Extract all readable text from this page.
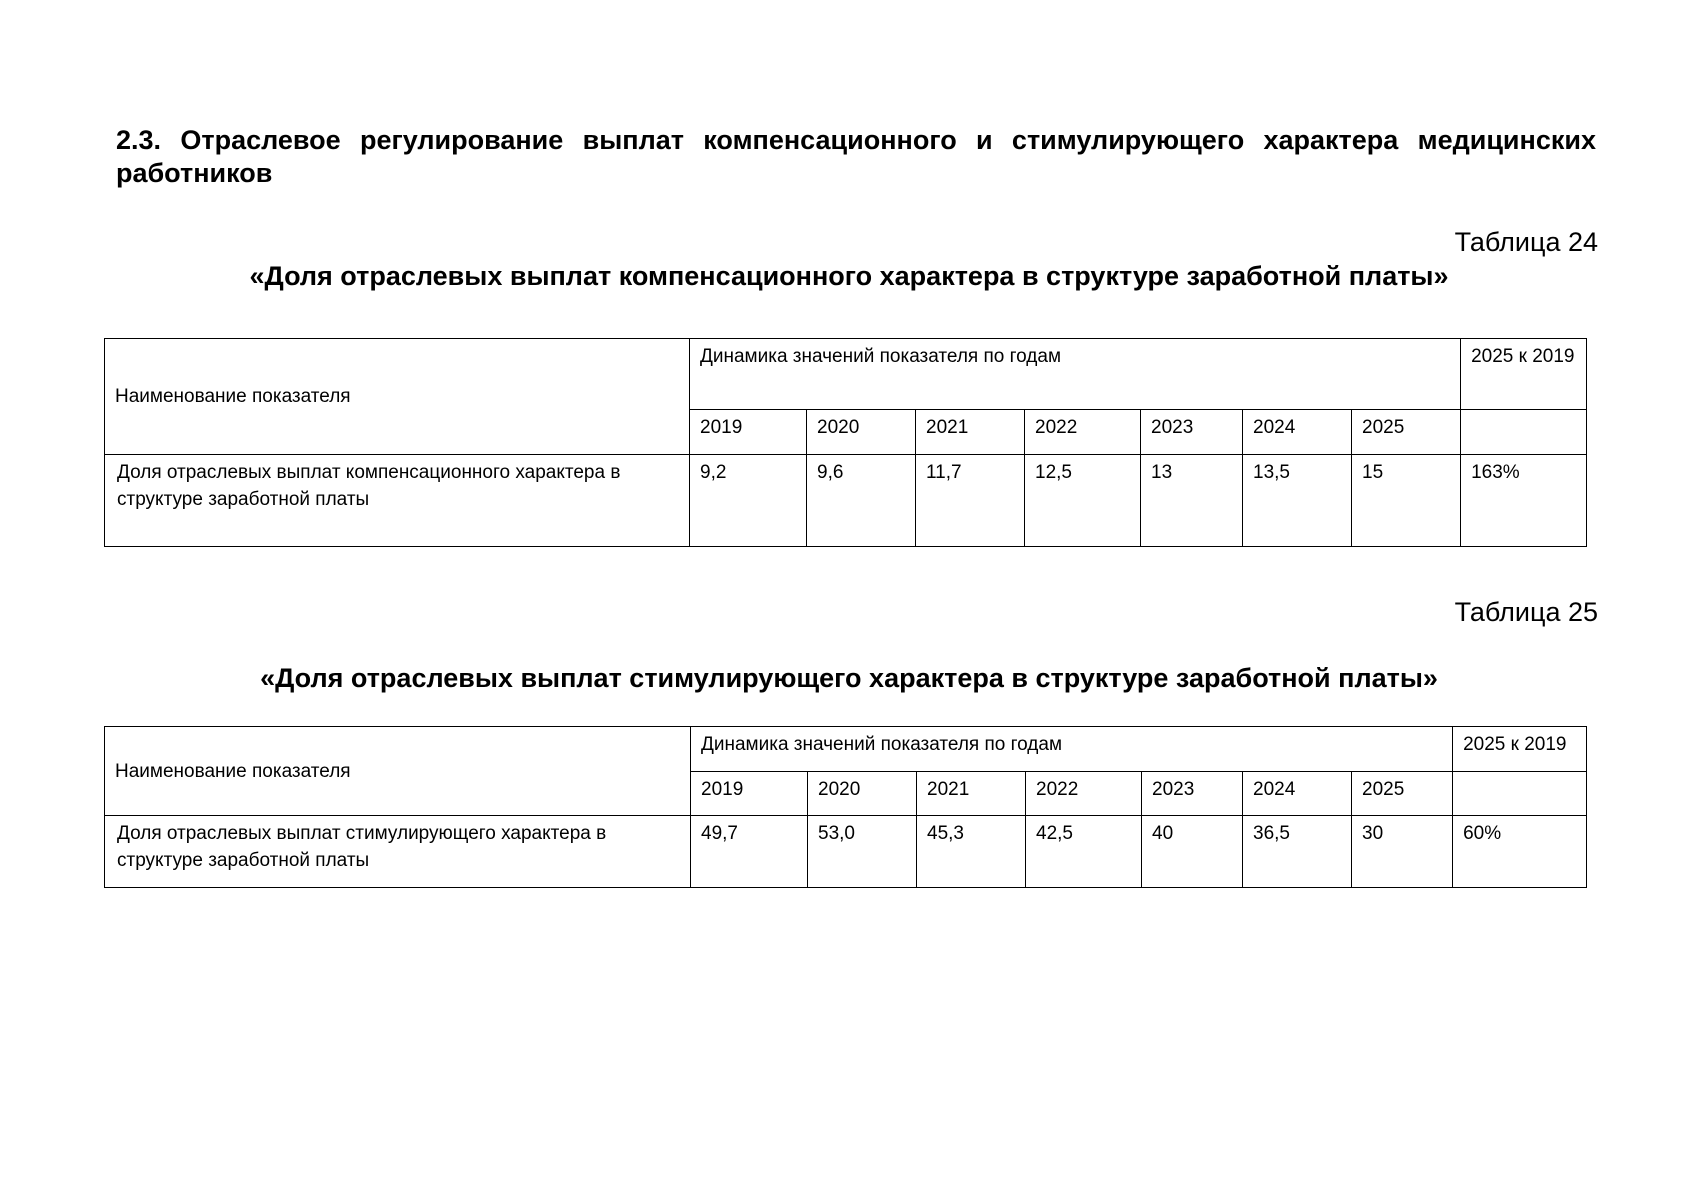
2.3. Отраслевое регулирование выплат компенсационного и стимулирующего характера медицинских работников
Таблица 24

«Доля отраслевых выплат компенсационного характера в структуре заработной платы»

Наименование показателя	Динамика значений показателя по годам							2025 к 2019
	2019	2020	2021	2022	2023	2024	2025	

Доля отраслевых выплат компенсационного характера в структуре заработной платы	9,2	9,6	11,7	12,5	13	13,5	15	163%
Таблица 25

«Доля отраслевых выплат стимулирующего характера в структуре заработной платы»

Наименование показателя	Динамика значений показателя по годам							2025 к 2019
	2019	2020	2021	2022	2023	2024	2025	

Доля отраслевых выплат стимулирующего характера в структуре заработной платы	49,7	53,0	45,3	42,5	40	36,5	30	60%
